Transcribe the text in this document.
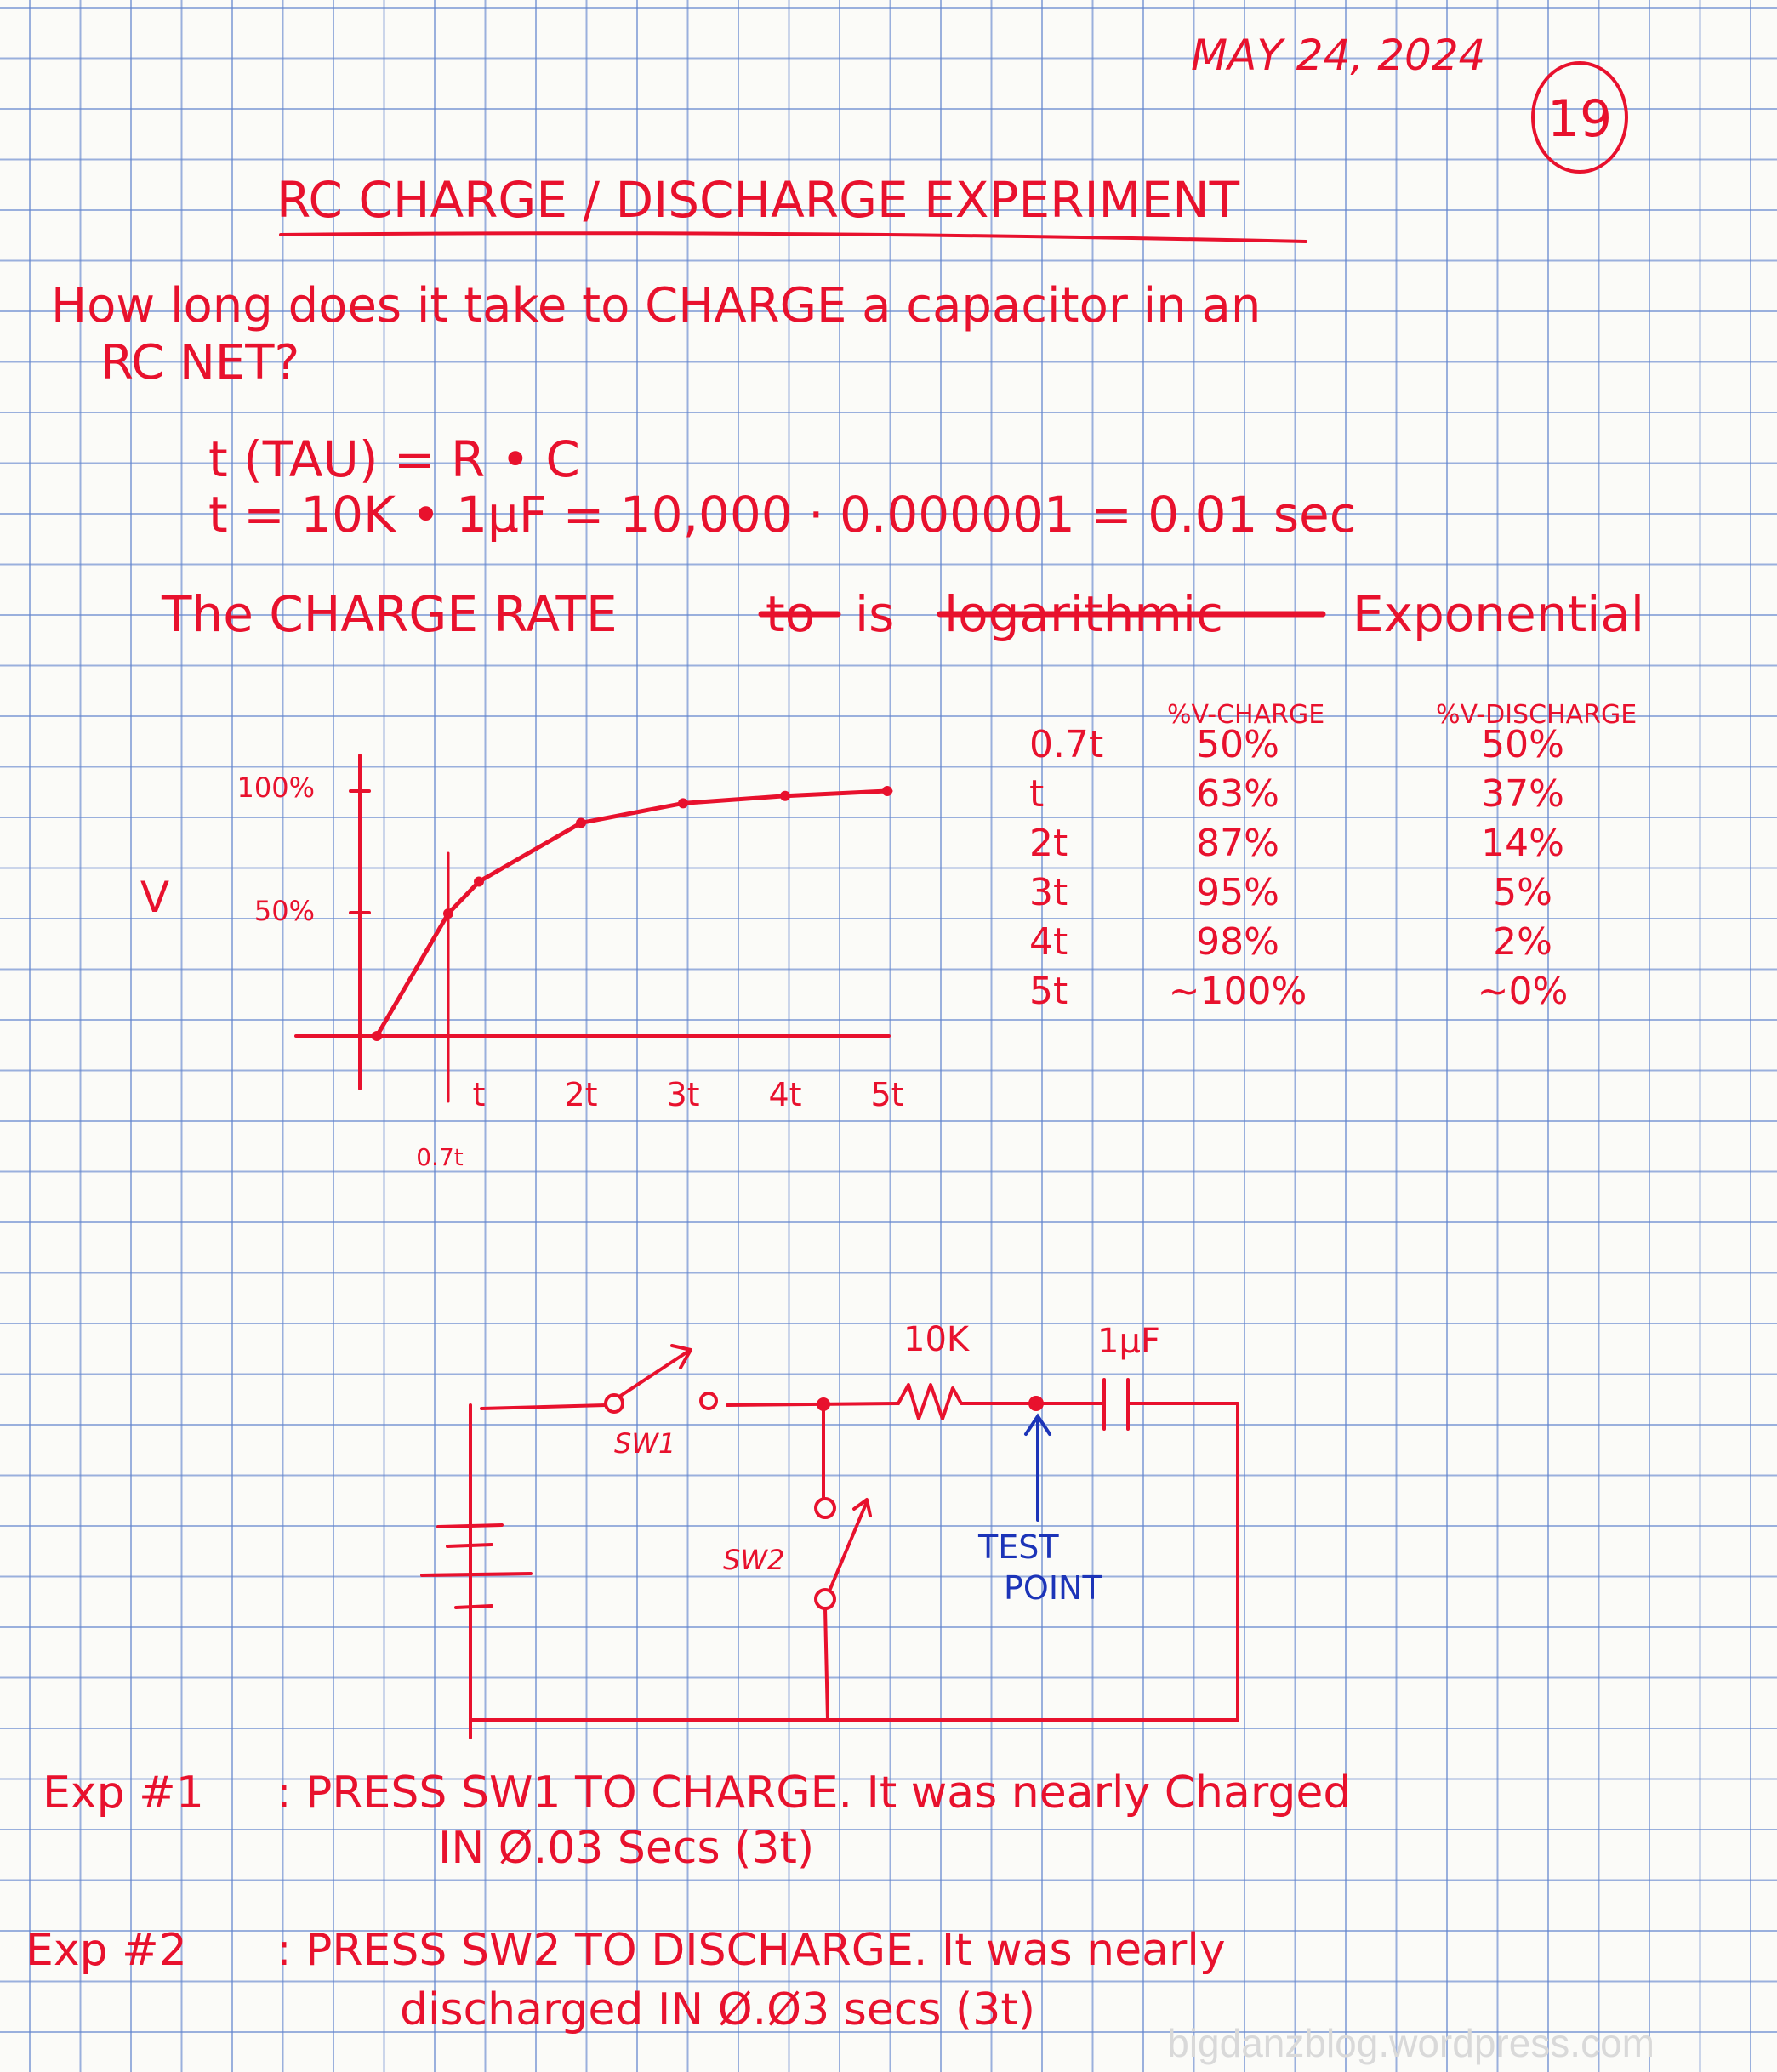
MAY 24, 2024
19
RC CHARGE / DISCHARGE EXPERIMENT
How long does it take to CHARGE a capacitor in an
RC NET?
t (TAU) = R • C
t = 10K • 1μF = 10,000 · 0.000001 = 0.01 sec
The CHARGE RATE	to is logarithmic	Exponential
V
100%
50%
t 2t 3t 4t 5t
0.7t
%V-CHARGE	%V-DISCHARGE
0.7t 50%	50%
t	63%	37%
2t	87%	14%
3t	95%	5%
4t	98%	2%
5t	~100%	~0%
SW1
10K	1μF
SW2	TEST
POINT
Exp #1 : PRESS SW1 TO CHARGE. It was nearly Charged
IN Ø.03 Secs (3t)
Exp #2 : PRESS SW2 TO DISCHARGE. It was nearly
discharged IN Ø.Ø3 secs (3t)
bigdanzblog.wordpress.com
